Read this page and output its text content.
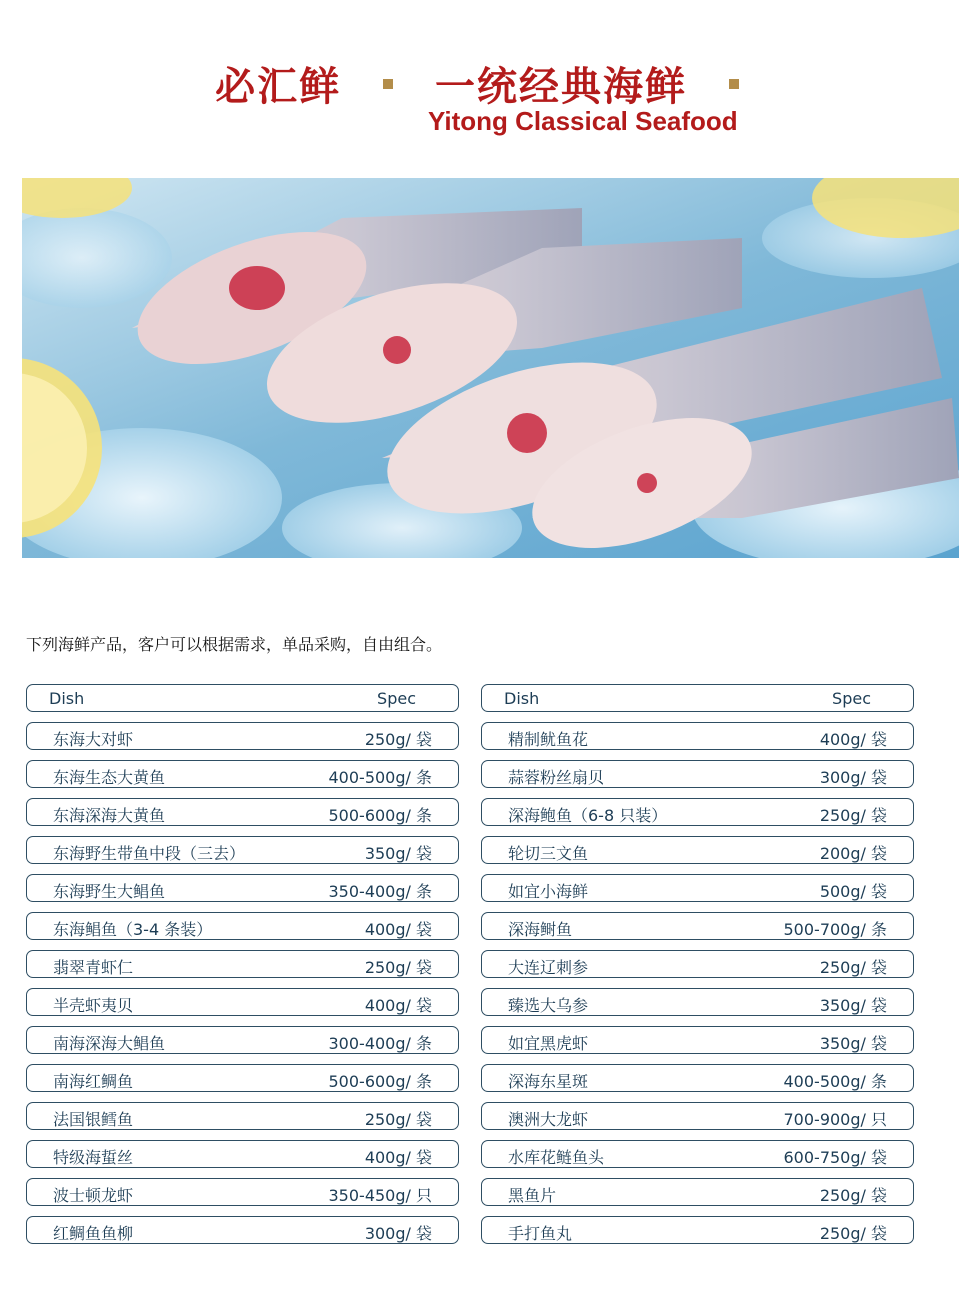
必汇鲜 一统经典海鲜
Yitong Classical Seafood
下列海鲜产品，客户可以根据需求，单品采购，自由组合。
Dish	Spec
东海大对虾	250g/ 袋
东海生态大黄鱼	400-500g/ 条
东海深海大黄鱼	500-600g/ 条
东海野生带鱼中段（三去）	350g/ 袋
东海野生大鲳鱼	350-400g/ 条
东海鲳鱼（3-4 条装）	400g/ 袋
翡翠青虾仁	250g/ 袋
半壳虾夷贝	400g/ 袋
南海深海大鲳鱼	300-400g/ 条
南海红鲷鱼	500-600g/ 条
法国银鳕鱼	250g/ 袋
特级海蜇丝	400g/ 袋
波士顿龙虾	350-450g/ 只
红鲷鱼鱼柳	300g/ 袋
Dish	Spec
精制鱿鱼花	400g/ 袋
蒜蓉粉丝扇贝	300g/ 袋
深海鲍鱼（6-8 只装）	250g/ 袋
轮切三文鱼	200g/ 袋
如宜小海鲜	500g/ 袋
深海鲥鱼	500-700g/ 条
大连辽刺参	250g/ 袋
臻选大乌参	350g/ 袋
如宜黑虎虾	350g/ 袋
深海东星斑	400-500g/ 条
澳洲大龙虾	700-900g/ 只
水库花鲢鱼头	600-750g/ 袋
黑鱼片	250g/ 袋
手打鱼丸	250g/ 袋
